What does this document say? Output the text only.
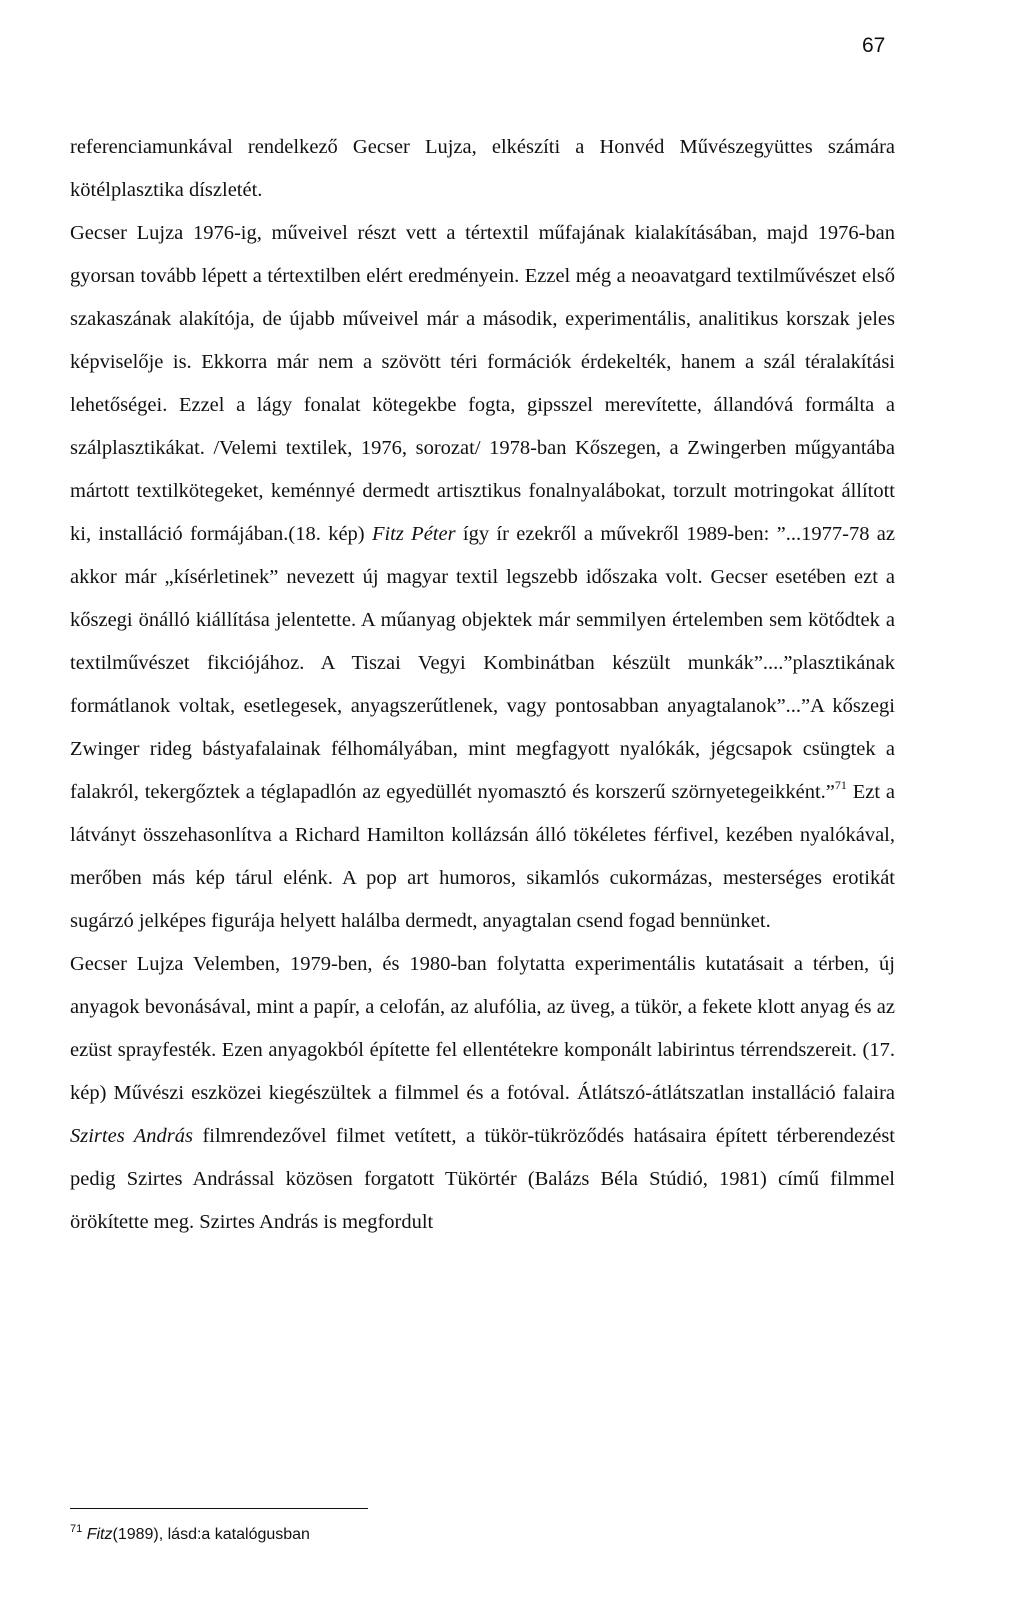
67

referenciamunkával rendelkező Gecser Lujza, elkészíti a Honvéd Művészegyüttes számára kötélplasztika díszletét.

Gecser Lujza 1976-ig, műveivel részt vett a tértextil műfajának kialakításában, majd 1976-ban gyorsan tovább lépett a tértextilben elért eredményein. Ezzel még a neoavatgard textilművészet első szakaszának alakítója, de újabb műveivel már a második, experimentális, analitikus korszak jeles képviselője is. Ekkorra már nem a szövött téri formációk érdekelték, hanem a szál téralakítási lehetőségei. Ezzel a lágy fonalat kötegekbe fogta, gipsszel merevítette, állandóvá formálta a szálplasztikákat. /Velemi textilek, 1976, sorozat/ 1978-ban Kőszegen, a Zwingerben műgyantába mártott textilkötegeket, keménnyé dermedt artisztikus fonalnyalábokat, torzult motringokat állított ki, installáció formájában.(18. kép) Fitz Péter így ír ezekről a művekről 1989-ben: ”...1977-78 az akkor már „kísérletinek” nevezett új magyar textil legszebb időszaka volt. Gecser esetében ezt a kőszegi önálló kiállítása jelentette. A műanyag objektek már semmilyen értelemben sem kötődtek a textilművészet fikciójához. A Tiszai Vegyi Kombinátban készült munkák”....”plasztikának formátlanok voltak, esetlegesek, anyagszerűtlenek, vagy pontosabban anyagtalanok”...”A kőszegi Zwinger rideg bástyafalainak félhomályában, mint megfagyott nyalókák, jégcsapok csüngtek a falakról, tekergőztek a téglapadlón az egyedüllét nyomasztó és korszerű szörnyetegeikként.”$^{71}$ Ezt a látványt összehasonlítva a Richard Hamilton kollázsán álló tökéletes férfivel, kezében nyalókával, merőben más kép tárul elénk. A pop art humoros, sikamlós cukormázas, mesterséges erotikát sugárzó jelképes figurája helyett halálba dermedt, anyagtalan csend fogad bennünket.

Gecser Lujza Velemben, 1979-ben, és 1980-ban folytatta experimentális kutatásait a térben, új anyagok bevonásával, mint a papír, a celofán, az alufólia, az üveg, a tükör, a fekete klott anyag és az ezüst sprayfesték. Ezen anyagokból építette fel ellentétekre komponált labirintus térrendszereit. (17. kép) Művészi eszközei kiegészültek a filmmel és a fotóval. Átlátszó-átlátszatlan installáció falaira Szirtes András filmrendezővel filmet vetített, a tükör-tükröződés hatásaira épített térberendezést pedig Szirtes Andrással közösen forgatott Tükörtér (Balázs Béla Stúdió, 1981) című filmmel örökítette meg. Szirtes András is megfordult

$^{71}$ Fitz(1989), lásd:a katalógusban
